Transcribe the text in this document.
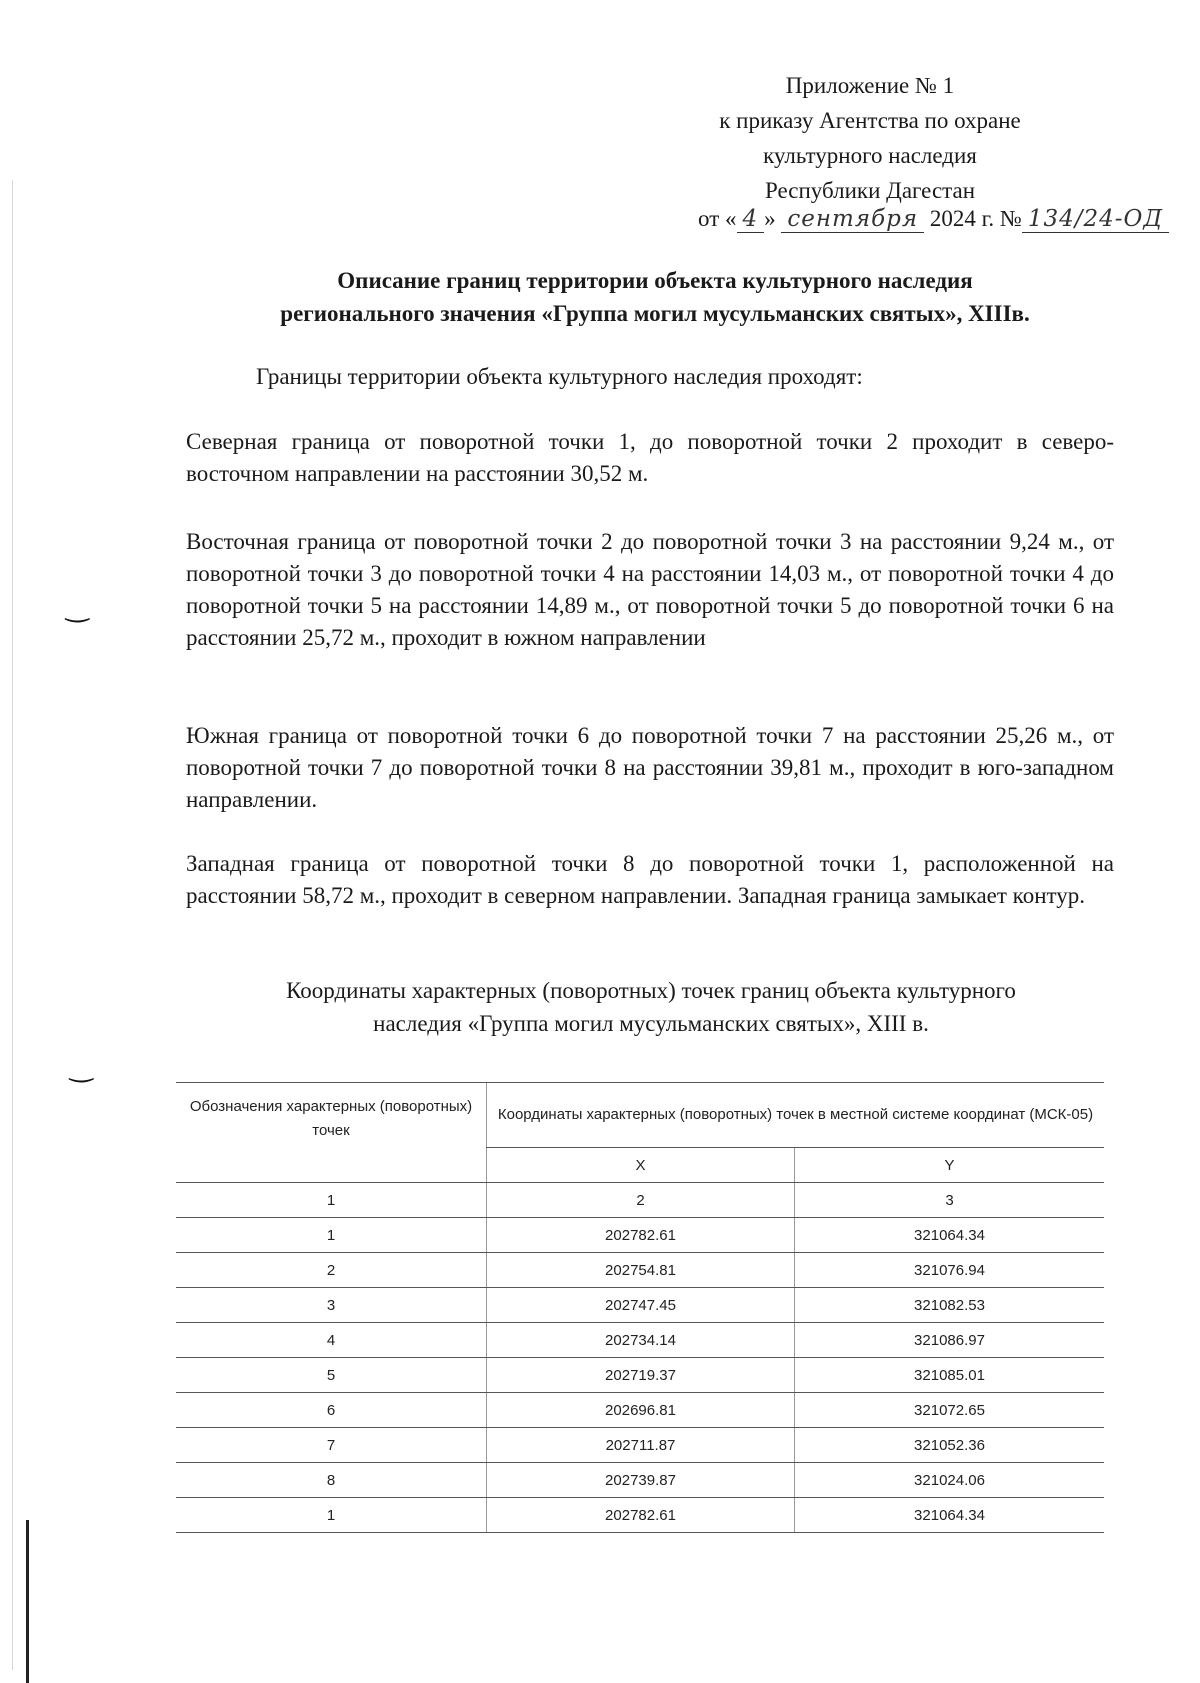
‿
‿
Приложение № 1
к приказу Агентства по охране
культурного наследия
Республики Дагестан
от « 4 » сентября 2024 г. № 134/24-ОД
Описание границ территории объекта культурного наследия
регионального значения «Группа могил мусульманских святых», XIIIв.
Границы территории объекта культурного наследия проходят:
Северная граница от поворотной точки 1, до поворотной точки 2 проходит в северо-восточном направлении на расстоянии 30,52 м.
Восточная граница от поворотной точки 2 до поворотной точки 3 на расстоянии 9,24 м., от поворотной точки 3 до поворотной точки 4 на расстоянии 14,03 м., от поворотной точки 4 до поворотной точки 5 на расстоянии 14,89 м., от поворотной точки 5 до поворотной точки 6 на расстоянии 25,72 м., проходит в южном направлении
Южная граница от поворотной точки 6 до поворотной точки 7 на расстоянии 25,26 м., от поворотной точки 7 до поворотной точки 8 на расстоянии 39,81 м., проходит в юго-западном направлении.
Западная граница от поворотной точки 8 до поворотной точки 1, расположенной на расстоянии 58,72 м., проходит в северном направлении. Западная граница замыкает контур.
Координаты характерных (поворотных) точек границ объекта культурного
наследия «Группа могил мусульманских святых», XIII в.
Обозначения характерных (поворотных) точек	Координаты характерных (поворотных) точек в местной системе координат (МСК-05)	
	X	Y
1	2	3
1	202782.61	321064.34
2	202754.81	321076.94
3	202747.45	321082.53
4	202734.14	321086.97
5	202719.37	321085.01
6	202696.81	321072.65
7	202711.87	321052.36
8	202739.87	321024.06
1	202782.61	321064.34
